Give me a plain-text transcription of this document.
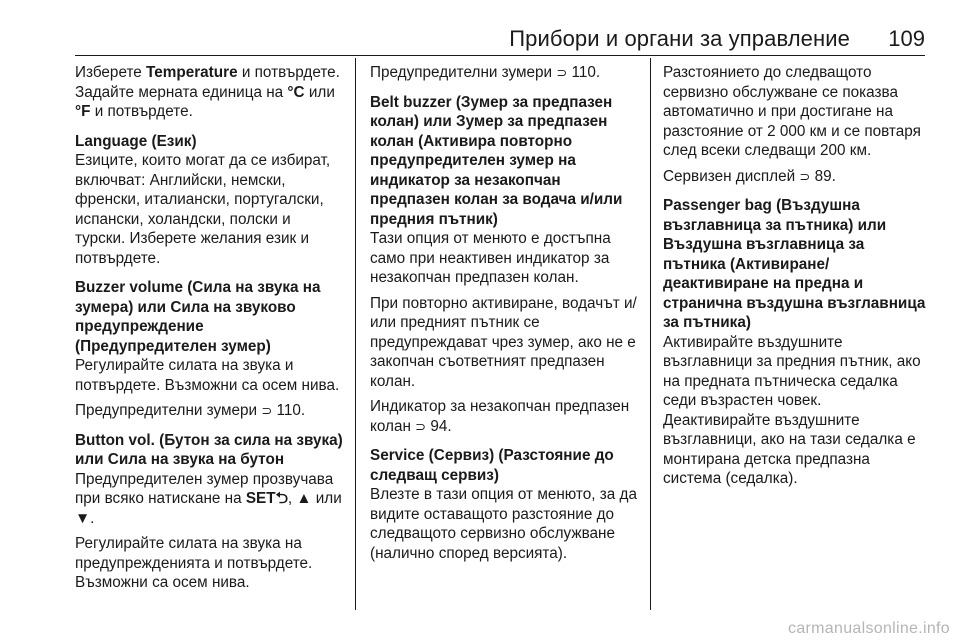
Прибори и органи за управление 109

Изберете Temperature и потвърдете. Задайте мерната единица на °C или °F и потвърдете.

Language (Език)

Езиците, които могат да се избират, включват: Английски, немски, френски, италиански, португалски, испански, холандски, полски и турски. Изберете желания език и потвърдете.

Buzzer volume (Сила на звука на зумера) или Сила на звуково предупреждение
(Предупредителен зумер)

Регулирайте силата на звука и потвърдете. Възможни са осем нива.

Предупредителни зумери ⊃ 110.

Button vol. (Бутон за сила на звука) или Сила на звука на бутон

Предупредителен зумер прозвучава при всяко натискане на SET⮌, ▲ или ▼.

Регулирайте силата на звука на предупрежденията и потвърдете. Възможни са осем нива.

Предупредителни зумери ⊃ 110.

Belt buzzer (Зумер за предпазен колан) или Зумер за предпазен колан (Активира повторно предупредителен зумер на индикатор за незакопчан предпазен колан за водача и/или предния пътник)

Тази опция от менюто е достъпна само при неактивен индикатор за незакопчан предпазен колан.

При повторно активиране, водачът и/или предният пътник се предупреждават чрез зумер, ако не е закопчан съответният предпазен колан.

Индикатор за незакопчан предпазен колан ⊃ 94.

Service (Сервиз) (Разстояние до следващ сервиз)

Влезте в тази опция от менюто, за да видите оставащото разстояние до следващото сервизно обслужване (налично според версията).

Разстоянието до следващото сервизно обслужване се показва автоматично и при достигане на разстояние от 2 000 км и се повтаря след всеки следващи 200 км.

Сервизен дисплей ⊃ 89.

Passenger bag (Въздушна възглавница за пътника) или Въздушна възглавница за пътника (Активиране/деактивиране на предна и странична въздушна възглавница за пътника)

Активирайте въздушните възглавници за предния пътник, ако на предната пътническа седалка седи възрастен човек.

Деактивирайте въздушните възглавници, ако на тази седалка е монтирана детска предпазна система (седалка).

carmanualsonline.info
